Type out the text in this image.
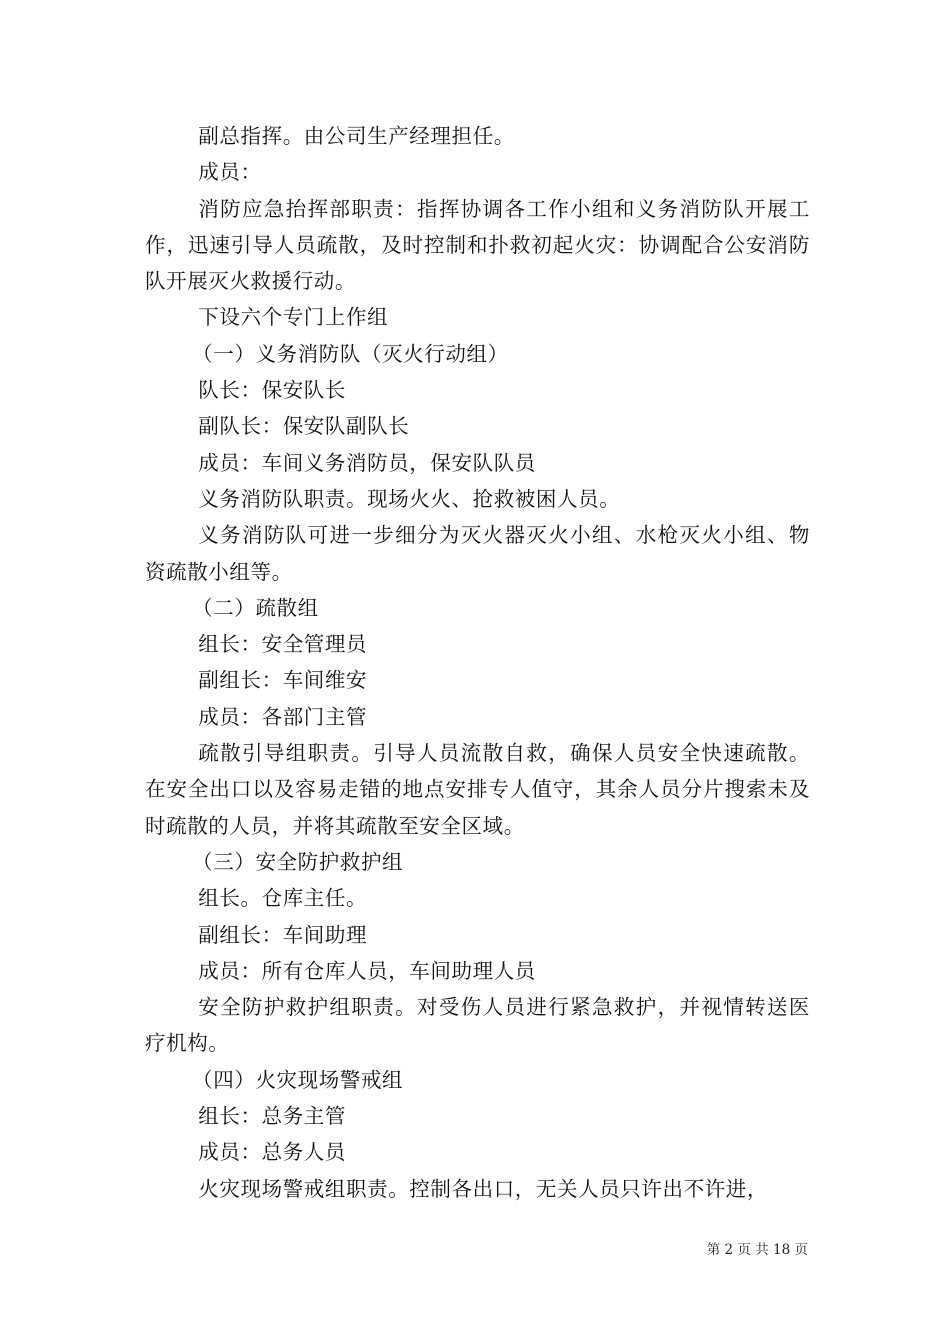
副总指挥。由公司生产经理担任。

成员：

消防应急抬挥部职责：指挥协调各工作小组和义务消防队开展工作，迅速引导人员疏散，及时控制和扑救初起火灾：协调配合公安消防队开展灭火救援行动。

下设六个专门上作组

（一）义务消防队（灭火行动组）

队长：保安队长

副队长：保安队副队长

成员：车间义务消防员，保安队队员

义务消防队职责。现场火火、抢救被困人员。

义务消防队可进一步细分为灭火器灭火小组、水枪灭火小组、物资疏散小组等。

（二）疏散组

组长：安全管理员

副组长：车间维安

成员：各部门主管

疏散引导组职责。引导人员流散自救，确保人员安全快速疏散。在安全出口以及容易走错的地点安排专人值守，其余人员分片搜索未及时疏散的人员，并将其疏散至安全区域。

（三）安全防护救护组

组长。仓库主任。

副组长：车间助理

成员：所有仓库人员，车间助理人员

安全防护救护组职责。对受伤人员进行紧急救护，并视情转送医疗机构。

（四）火灾现场警戒组

组长：总务主管

成员：总务人员

火灾现场警戒组职责。控制各出口，无关人员只许出不许进，

第 2 页 共 18 页
